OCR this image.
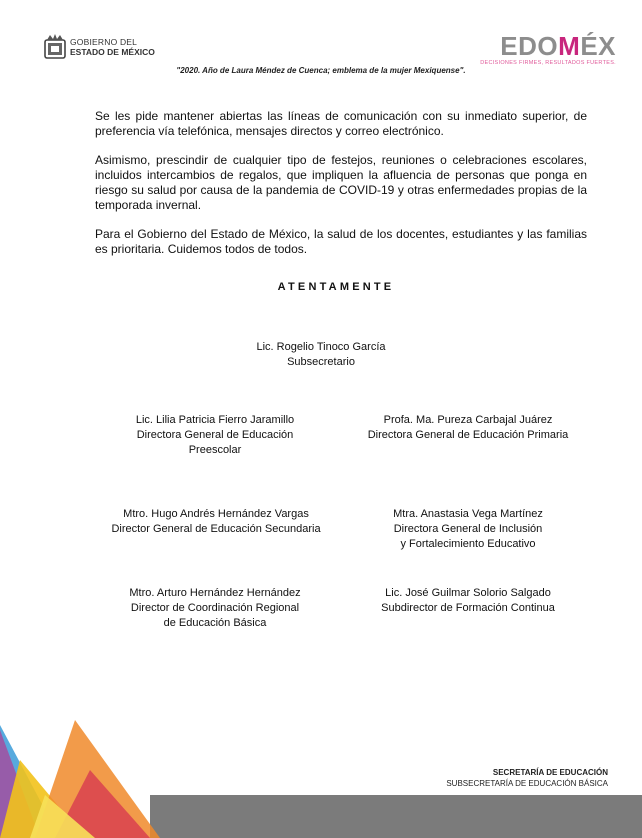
GOBIERNO DEL
ESTADO DE MÉXICO	EDOMÉX
DECISIONES FIRMES, RESULTADOS FUERTES.
"2020. Año de Laura Méndez de Cuenca; emblema de la mujer Mexiquense".

Se les pide mantener abiertas las líneas de comunicación con su inmediato superior, de preferencia vía telefónica, mensajes directos y correo electrónico.

Asimismo, prescindir de cualquier tipo de festejos, reuniones o celebraciones escolares, incluidos intercambios de regalos, que impliquen la afluencia de personas que ponga en riesgo su salud por causa de la pandemia de COVID-19 y otras enfermedades propias de la temporada invernal.

Para el Gobierno del Estado de México, la salud de los docentes, estudiantes y las familias es prioritaria. Cuidemos todos de todos.

ATENTAMENTE
Lic. Rogelio Tinoco García
Subsecretario
Lic. Lilia Patricia Fierro Jaramillo
Directora General de Educación
Preescolar
Profa. Ma. Pureza Carbajal Juárez
Directora General de Educación Primaria
Mtro. Hugo Andrés Hernández Vargas
Director General de Educación Secundaria
Mtra. Anastasia Vega Martínez
Directora General de Inclusión
y Fortalecimiento Educativo
Mtro. Arturo Hernández Hernández
Director de Coordinación Regional
de Educación Básica
Lic. José Guilmar Solorio Salgado
Subdirector de Formación Continua
SECRETARÍA DE EDUCACIÓN
SUBSECRETARÍA DE EDUCACIÓN BÁSICA
